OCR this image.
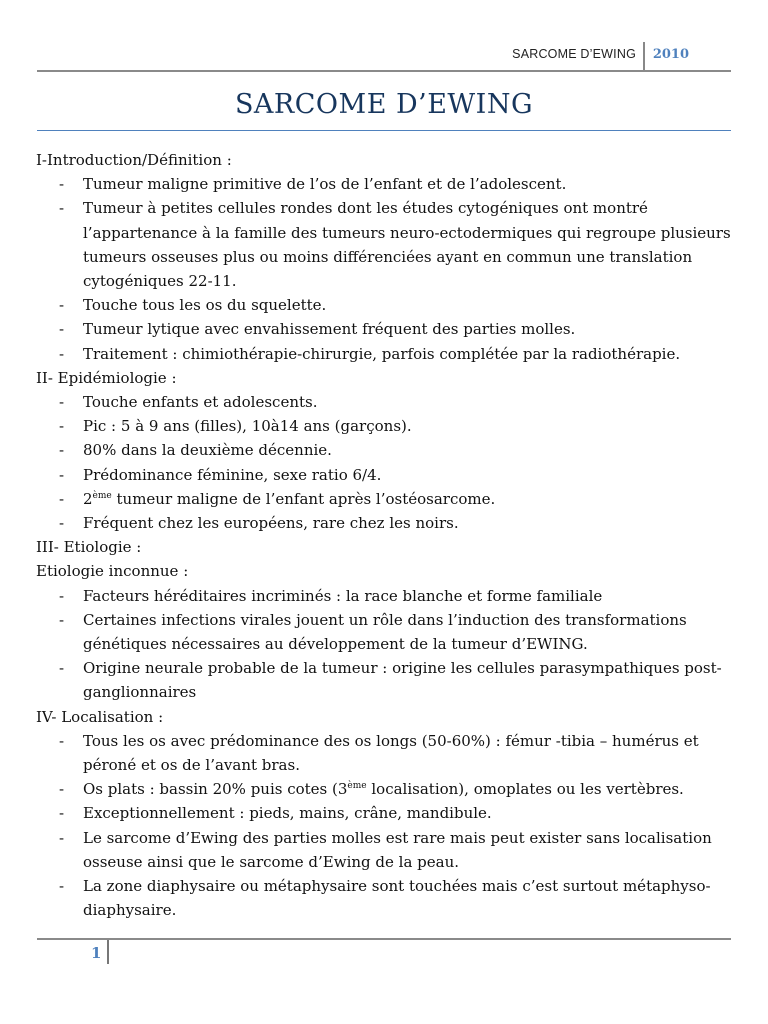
SARCOME D’EWING 2010
SARCOME D’EWING

I-Introduction/Définition :

- Tumeur maligne primitive de l’os de l’enfant et de l’adolescent.

- Tumeur à petites cellules rondes dont les études cytogéniques ont montré l’appartenance à la famille des tumeurs neuro-ectodermiques qui regroupe plusieurs tumeurs osseuses plus ou moins différenciées ayant en commun une translation cytogéniques 22-11.

- Touche tous les os du squelette.

- Tumeur lytique avec envahissement fréquent des parties molles.

- Traitement : chimiothérapie-chirurgie, parfois complétée par la radiothérapie.

II- Epidémiologie :

- Touche enfants et adolescents.

- Pic : 5 à 9 ans (filles), 10à14 ans (garçons).

- 80% dans la deuxième décennie.

- Prédominance féminine, sexe ratio 6/4.

- 2ème tumeur maligne de l’enfant après l’ostéosarcome.

- Fréquent chez les européens, rare chez les noirs.

III- Etiologie :

Etiologie inconnue :

- Facteurs héréditaires incriminés : la race blanche et forme familiale

- Certaines infections virales jouent un rôle dans l’induction des transformations génétiques nécessaires au développement de la tumeur d’EWING.

- Origine neurale probable de la tumeur : origine les cellules parasympathiques post-ganglionnaires

IV- Localisation :

- Tous les os avec prédominance des os longs (50-60%) : fémur -tibia – humérus et péroné et os de l’avant bras.

- Os plats : bassin 20% puis cotes (3ème localisation), omoplates ou les vertèbres.

- Exceptionnellement : pieds, mains, crâne, mandibule.

- Le sarcome d’Ewing des parties molles est rare mais peut exister sans localisation osseuse ainsi que le sarcome d’Ewing de la peau.

- La zone diaphysaire ou métaphysaire sont touchées mais c’est surtout métaphyso-diaphysaire.

1
